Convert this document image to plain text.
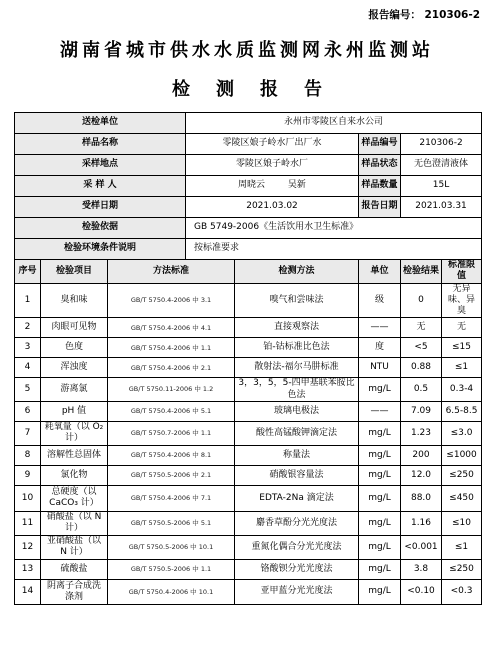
报告编号： 210306-2
湖南省城市供水水质监测网永州监测站
检测报告
送检单位			永州市零陵区自来水公司				
样品名称			零陵区娘子岭水厂出厂水		样品编号	210306-2	
采样地点			零陵区娘子岭水厂		样品状态	无色澄清液体	
采 样 人			周晓云        吴新		样品数量	15L	
受样日期			2021.03.02		报告日期	2021.03.31	
检验依据			GB 5749-2006《生活饮用水卫生标准》				
检验环境条件说明			按标准要求				
序号	检验项目	方法标准		检测方法	单位	检验结果	标准限值
1	臭和味	GB/T 5750.4-2006 中 3.1		嗅气和尝味法	级	0	无异味、异臭
2	肉眼可见物	GB/T 5750.4-2006 中 4.1		直接观察法	——	无	无
3	色度	GB/T 5750.4-2006 中 1.1		铂-钴标准比色法	度	<5	≤15
4	浑浊度	GB/T 5750.4-2006 中 2.1		散射法-福尔马肼标准	NTU	0.88	≤1
5	游离氯	GB/T 5750.11-2006 中 1.2		3，3，5，5-四甲基联苯胺比色法	mg/L	0.5	0.3-4
6	pH 值	GB/T 5750.4-2006 中 5.1		玻璃电极法	——	7.09	6.5-8.5
7	耗氧量（以 O₂ 计）	GB/T 5750.7-2006 中 1.1		酸性高锰酸钾滴定法	mg/L	1.23	≤3.0
8	溶解性总固体	GB/T 5750.4-2006 中 8.1		称量法	mg/L	200	≤1000
9	氯化物	GB/T 5750.5-2006 中 2.1		硝酸银容量法	mg/L	12.0	≤250
10	总硬度（以 CaCO₃ 计）	GB/T 5750.4-2006 中 7.1		EDTA-2Na 滴定法	mg/L	88.0	≤450
11	硝酸盐（以 N 计）	GB/T 5750.5-2006 中 5.1		麝香草酚分光光度法	mg/L	1.16	≤10
12	亚硝酸盐（以 N 计）	GB/T 5750.5-2006 中 10.1		重氮化偶合分光光度法	mg/L	<0.001	≤1
13	硫酸盐	GB/T 5750.5-2006 中 1.1		铬酸钡分光光度法	mg/L	3.8	≤250
14	阴离子合成洗涤剂	GB/T 5750.4-2006 中 10.1		亚甲蓝分光光度法	mg/L	<0.10	<0.3
